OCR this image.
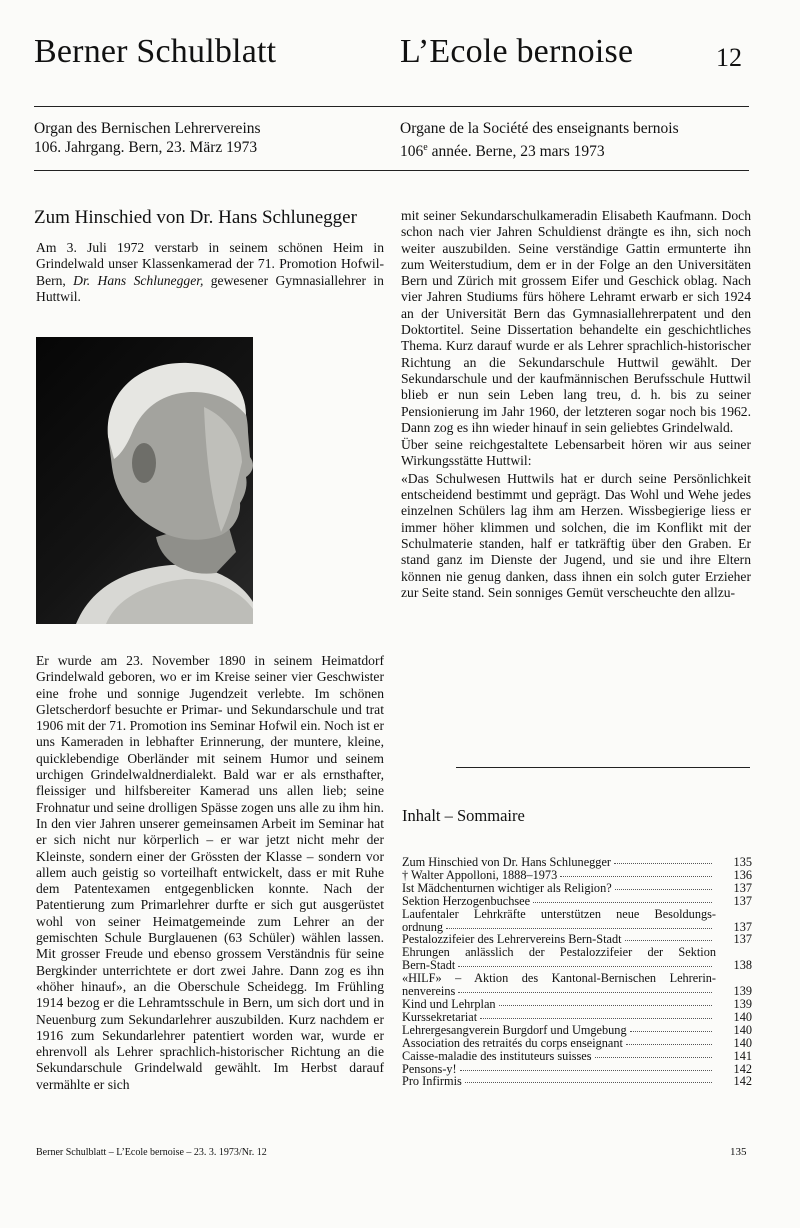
Berner Schulblatt	L’Ecole bernoise	12
Organ des Bernischen Lehrervereins
106. Jahrgang. Bern, 23. März 1973
Organe de la Société des enseignants bernois
106e année. Berne, 23 mars 1973
Zum Hinschied von Dr. Hans Schlunegger

Am 3. Juli 1972 verstarb in seinem schönen Heim in Grindelwald unser Klassenkamerad der 71. Promotion Hofwil-Bern, Dr. Hans Schlunegger, gewesener Gymnasiallehrer in Huttwil.

Er wurde am 23. November 1890 in seinem Heimatdorf Grindelwald geboren, wo er im Kreise seiner vier Geschwister eine frohe und sonnige Jugendzeit verlebte. Im schönen Gletscherdorf besuchte er Primar- und Sekundarschule und trat 1906 mit der 71. Promotion ins Seminar Hofwil ein. Noch ist er uns Kameraden in lebhafter Erinnerung, der muntere, kleine, quicklebendige Oberländer mit seinem Humor und seinem urchigen Grindelwaldnerdialekt. Bald war er als ernsthafter, fleissiger und hilfsbereiter Kamerad uns allen lieb; seine Frohnatur und seine drolligen Spässe zogen uns alle zu ihm hin. In den vier Jahren unserer gemeinsamen Arbeit im Seminar hat er sich nicht nur körperlich – er war jetzt nicht mehr der Kleinste, sondern einer der Grössten der Klasse – sondern vor allem auch geistig so vorteilhaft entwickelt, dass er mit Ruhe dem Patentexamen entgegenblicken konnte. Nach der Patentierung zum Primarlehrer durfte er sich gut ausgerüstet wohl von seiner Heimatgemeinde zum Lehrer an der gemischten Schule Burglauenen (63 Schüler) wählen lassen. Mit grosser Freude und ebenso grossem Verständnis für seine Bergkinder unterrichtete er dort zwei Jahre. Dann zog es ihn «höher hinauf», an die Oberschule Scheidegg. Im Frühling 1914 bezog er die Lehramtsschule in Bern, um sich dort und in Neuenburg zum Sekundarlehrer auszubilden. Kurz nachdem er 1916 zum Sekundarlehrer patentiert worden war, wurde er ehrenvoll als Lehrer sprachlich-historischer Richtung an die Sekundarschule Grindelwald gewählt. Im Herbst darauf vermählte er sich

mit seiner Sekundarschulkameradin Elisabeth Kaufmann. Doch schon nach vier Jahren Schuldienst drängte es ihn, sich noch weiter auszubilden. Seine verständige Gattin ermunterte ihn zum Weiterstudium, dem er in der Folge an den Universitäten Bern und Zürich mit grossem Eifer und Geschick oblag. Nach vier Jahren Studiums fürs höhere Lehramt erwarb er sich 1924 an der Universität Bern das Gymnasiallehrerpatent und den Doktortitel. Seine Dissertation behandelte ein geschichtliches Thema. Kurz darauf wurde er als Lehrer sprachlich-historischer Richtung an die Sekundarschule Huttwil gewählt. Der Sekundarschule und der kaufmännischen Berufsschule Huttwil blieb er nun sein Leben lang treu, d. h. bis zu seiner Pensionierung im Jahr 1960, der letzteren sogar noch bis 1962. Dann zog es ihn wieder hinauf in sein geliebtes Grindelwald.

Über seine reichgestaltete Lebensarbeit hören wir aus seiner Wirkungsstätte Huttwil:

«Das Schulwesen Huttwils hat er durch seine Persönlichkeit entscheidend bestimmt und geprägt. Das Wohl und Wehe jedes einzelnen Schülers lag ihm am Herzen. Wissbegierige liess er immer höher klimmen und solchen, die im Konflikt mit der Schulmaterie standen, half er tatkräftig über den Graben. Er stand ganz im Dienste der Jugend, und sie und ihre Eltern können nie genug danken, dass ihnen ein solch guter Erzieher zur Seite stand. Sein sonniges Gemüt verscheuchte den allzu-

Inhalt – Sommaire
Zum Hinschied von Dr. Hans Schlunegger	135
† Walter Appolloni, 1888–1973	136
Ist Mädchenturnen wichtiger als Religion?	137
Sektion Herzogenbuchsee	137
Laufentaler Lehrkräfte unterstützen neue Besoldungs-
ordnung	137
Pestalozzifeier des Lehrervereins Bern-Stadt	137
Ehrungen anlässlich der Pestalozzifeier der Sektion
Bern-Stadt	138
«HILF» – Aktion des Kantonal-Bernischen Lehrerin-
nenvereins	139
Kind und Lehrplan	139
Kurssekretariat	140
Lehrergesangverein Burgdorf und Umgebung	140
Association des retraités du corps enseignant	140
Caisse-maladie des instituteurs suisses	141
Pensons-y!	142
Pro Infirmis	142
Berner Schulblatt – L’Ecole bernoise – 23. 3. 1973/Nr. 12	135
